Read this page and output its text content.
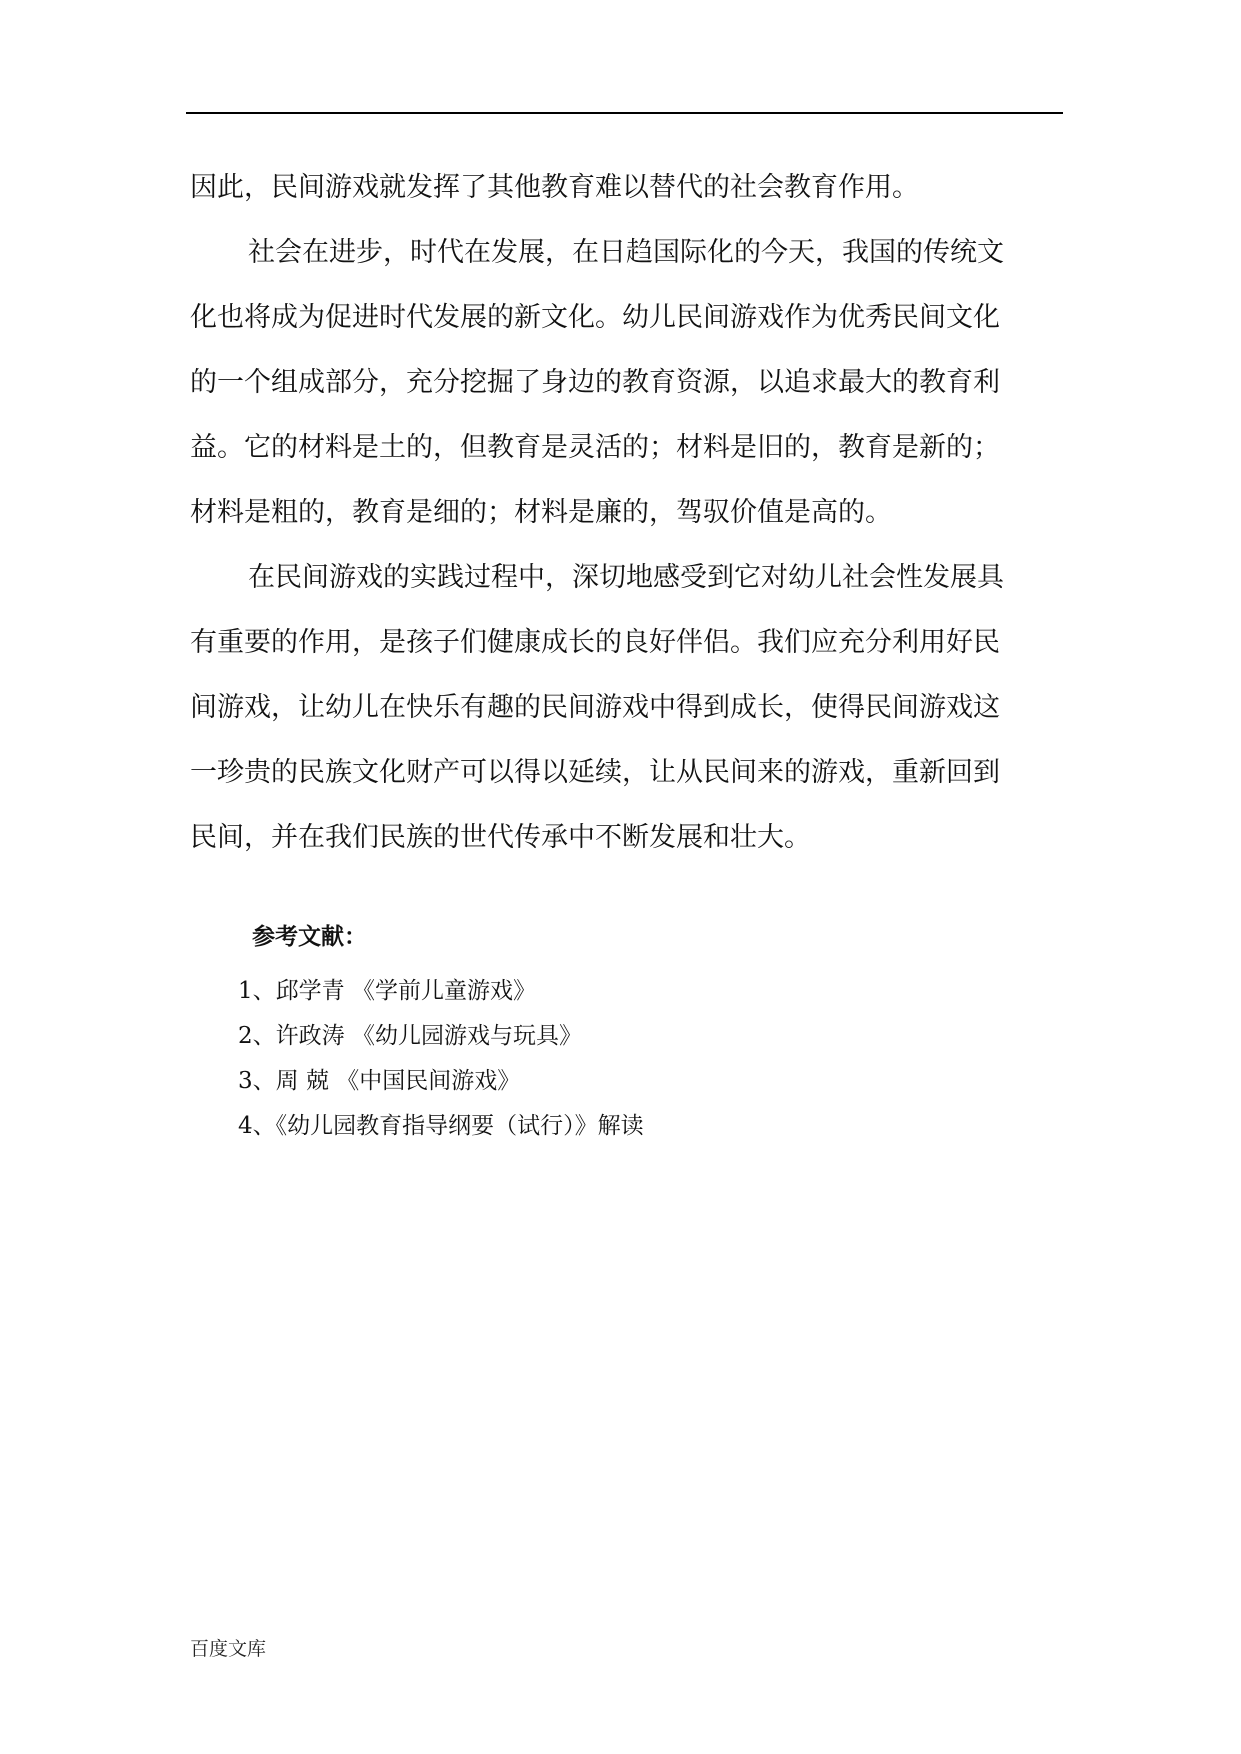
因此，民间游戏就发挥了其他教育难以替代的社会教育作用。

社会在进步，时代在发展，在日趋国际化的今天，我国的传统文

化也将成为促进时代发展的新文化。幼儿民间游戏作为优秀民间文化

的一个组成部分，充分挖掘了身边的教育资源，以追求最大的教育利

益。它的材料是土的，但教育是灵活的；材料是旧的，教育是新的；

材料是粗的，教育是细的；材料是廉的，驾驭价值是高的。

在民间游戏的实践过程中，深切地感受到它对幼儿社会性发展具

有重要的作用，是孩子们健康成长的良好伴侣。我们应充分利用好民

间游戏，让幼儿在快乐有趣的民间游戏中得到成长，使得民间游戏这

一珍贵的民族文化财产可以得以延续，让从民间来的游戏，重新回到

民间，并在我们民族的世代传承中不断发展和壮大。

参考文献：
1、邱学青 《学前儿童游戏》
2、许政涛 《幼儿园游戏与玩具》
3、周 兢 《中国民间游戏》
4、《幼儿园教育指导纲要（试行）》解读
百度文库
